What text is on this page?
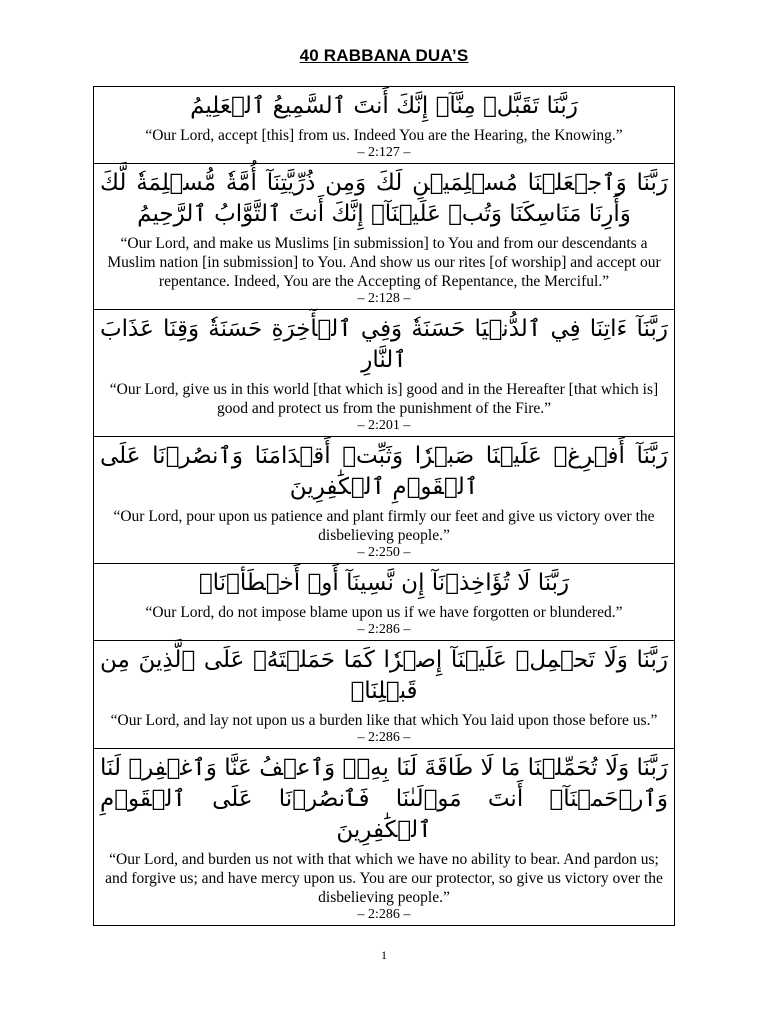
40 RABBANA DUA’S
رَبَّنَا تَقَبَّلۡ مِنَّآۖ إِنَّكَ أَنتَ ٱلسَّمِيعُ ٱلۡعَلِيمُ

“Our Lord, accept [this] from us. Indeed You are the Hearing, the Knowing.”

– 2:127 –

رَبَّنَا وَٱجۡعَلۡنَا مُسۡلِمَيۡنِ لَكَ وَمِن ذُرِّيَّتِنَآ أُمَّةٗ مُّسۡلِمَةٗ لَّكَ وَأَرِنَا مَنَاسِكَنَا وَتُبۡ عَلَيۡنَآۖ إِنَّكَ أَنتَ ٱلتَّوَّابُ ٱلرَّحِيمُ

“Our Lord, and make us Muslims [in submission] to You and from our descendants a Muslim nation [in submission] to You. And show us our rites [of worship] and accept our repentance. Indeed, You are the Accepting of Repentance, the Merciful.”

– 2:128 –

رَبَّنَآ ءَاتِنَا فِي ٱلدُّنۡيَا حَسَنَةٗ وَفِي ٱلۡأٓخِرَةِ حَسَنَةٗ وَقِنَا عَذَابَ ٱلنَّارِ

“Our Lord, give us in this world [that which is] good and in the Hereafter [that which is] good and protect us from the punishment of the Fire.”

– 2:201 –

رَبَّنَآ أَفۡرِغۡ عَلَيۡنَا صَبۡرٗا وَثَبِّتۡ أَقۡدَامَنَا وَٱنصُرۡنَا عَلَى ٱلۡقَوۡمِ ٱلۡكَٰفِرِينَ

“Our Lord, pour upon us patience and plant firmly our feet and give us victory over the disbelieving people.”

– 2:250 –

رَبَّنَا لَا تُؤَاخِذۡنَآ إِن نَّسِينَآ أَوۡ أَخۡطَأۡنَاۚ

“Our Lord, do not impose blame upon us if we have forgotten or blundered.”

– 2:286 –

رَبَّنَا وَلَا تَحۡمِلۡ عَلَيۡنَآ إِصۡرٗا كَمَا حَمَلۡتَهُۥ عَلَى ٱلَّذِينَ مِن قَبۡلِنَاۚ

“Our Lord, and lay not upon us a burden like that which You laid upon those before us.”

– 2:286 –

رَبَّنَا وَلَا تُحَمِّلۡنَا مَا لَا طَاقَةَ لَنَا بِهِۦۖ وَٱعۡفُ عَنَّا وَٱغۡفِرۡ لَنَا وَٱرۡحَمۡنَآۚ أَنتَ مَوۡلَىٰنَا فَٱنصُرۡنَا عَلَى ٱلۡقَوۡمِ ٱلۡكَٰفِرِينَ

“Our Lord, and burden us not with that which we have no ability to bear. And pardon us; and forgive us; and have mercy upon us. You are our protector, so give us victory over the disbelieving people.”

– 2:286 –

1
